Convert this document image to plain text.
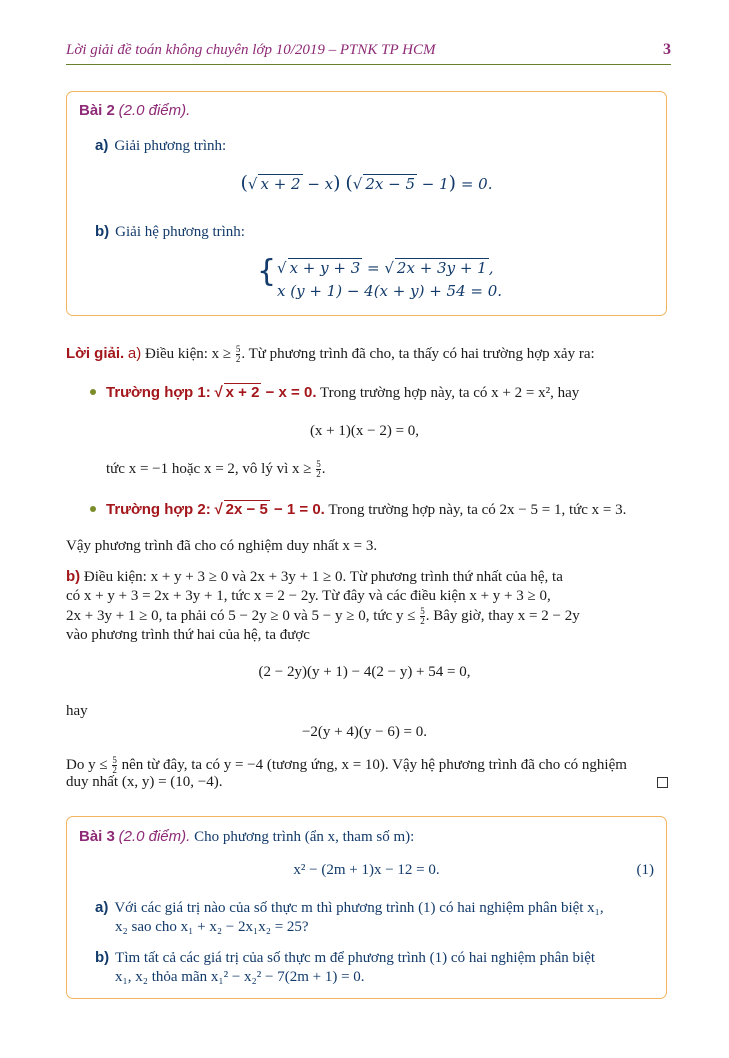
Lời giải đề toán không chuyên lớp 10/2019 – PTNK TP HCM	3
Bài 2 (2.0 điểm).
a) Giải phương trình:
(√ x + 2 − x) (√ 2x − 5 − 1) = 0.
b) Giải hệ phương trình:
{ √ x + y + 3 = √ 2x + 3y + 1 ,
x (y + 1) − 4(x + y) + 54 = 0.
Lời giải. a) Điều kiện: $x \ge \frac{5}{2}$ . Từ phương trình đã cho, ta thấy có hai trường hợp xảy ra:
Trường hợp 1: √ x + 2 − x = 0. Trong trường hợp này, ta có x + 2 = x², hay
(x + 1)(x − 2) = 0,
tức x = −1 hoặc x = 2, vô lý vì $x \ge \frac{5}{2}$ .
Trường hợp 2: √ 2x − 5 − 1 = 0. Trong trường hợp này, ta có 2x − 5 = 1, tức x = 3.
Vậy phương trình đã cho có nghiệm duy nhất x = 3.
b) Điều kiện: x + y + 3 ≥ 0 và 2x + 3y + 1 ≥ 0. Từ phương trình thứ nhất của hệ, ta
có x + y + 3 = 2x + 3y + 1, tức x = 2 − 2y. Từ đây và các điều kiện x + y + 3 ≥ 0,
2x + 3y + 1 ≥ 0, ta phải có 5 − 2y ≥ 0 và 5 − y ≥ 0, tức $y \le \frac{5}{2}$ . Bây giờ, thay x = 2 − 2y
vào phương trình thứ hai của hệ, ta được
(2 − 2y)(y + 1) − 4(2 − y) + 54 = 0,
hay
−2(y + 4)(y − 6) = 0.
Do $y \le \frac{5}{2}$ nên từ đây, ta có y = −4 (tương ứng, x = 10). Vậy hệ phương trình đã cho có nghiệm
duy nhất (x, y) = (10, −4).
Bài 3 (2.0 điểm). Cho phương trình (ẩn x, tham số m):
x² − (2m + 1)x − 12 = 0.	(1)
a) Với các giá trị nào của số thực m thì phương trình (1) có hai nghiệm phân biệt x₁,
x₂ sao cho x₁ + x₂ − 2x₁x₂ = 25?
b) Tìm tất cả các giá trị của số thực m để phương trình (1) có hai nghiệm phân biệt
x₁, x₂ thỏa mãn x₁² − x₂² − 7(2m + 1) = 0.
